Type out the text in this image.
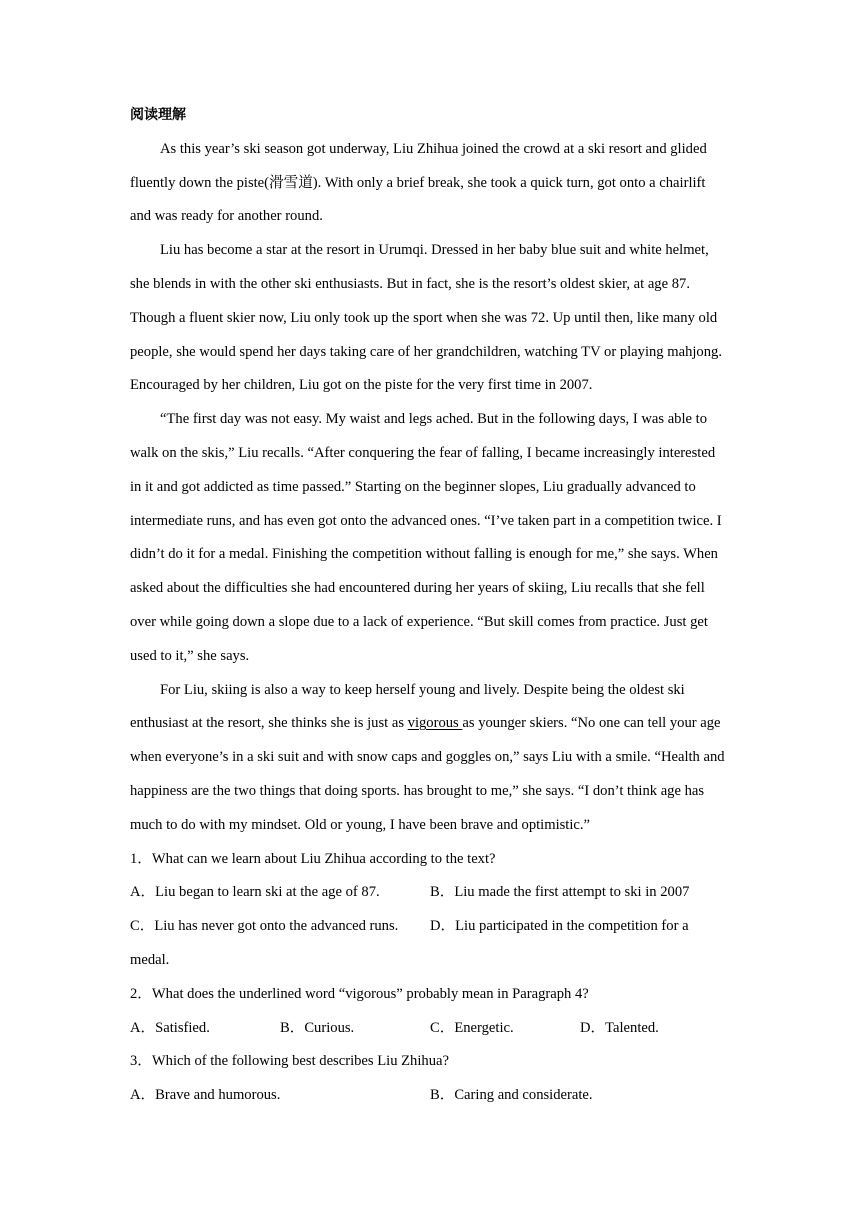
阅读理解

As this year’s ski season got underway, Liu Zhihua joined the crowd at a ski resort and glided fluently down the piste(滑雪道). With only a brief break, she took a quick turn, got onto a chairlift and was ready for another round.

Liu has become a star at the resort in Urumqi. Dressed in her baby blue suit and white helmet, she blends in with the other ski enthusiasts. But in fact, she is the resort’s oldest skier, at age 87. Though a fluent skier now, Liu only took up the sport when she was 72. Up until then, like many old people, she would spend her days taking care of her grandchildren, watching TV or playing mahjong. Encouraged by her children, Liu got on the piste for the very first time in 2007.

“The first day was not easy. My waist and legs ached. But in the following days, I was able to walk on the skis,” Liu recalls. “After conquering the fear of falling, I became increasingly interested in it and got addicted as time passed.” Starting on the beginner slopes, Liu gradually advanced to intermediate runs, and has even got onto the advanced ones. “I’ve taken part in a competition twice. I didn’t do it for a medal. Finishing the competition without falling is enough for me,” she says. When asked about the difficulties she had encountered during her years of skiing, Liu recalls that she fell over while going down a slope due to a lack of experience. “But skill comes from practice. Just get used to it,” she says.

For Liu, skiing is also a way to keep herself young and lively. Despite being the oldest ski enthusiast at the resort, she thinks she is just as vigorous as younger skiers. “No one can tell your age when everyone’s in a ski suit and with snow caps and goggles on,” says Liu with a smile. “Health and happiness are the two things that doing sports. has brought to me,” she says. “I don’t think age has much to do with my mindset. Old or young, I have been brave and optimistic.”

1．What can we learn about Liu Zhihua according to the text?
A．Liu began to learn ski at the age of 87.	B．Liu made the first attempt to ski in 2007
C．Liu has never got onto the advanced runs. D．Liu participated in the competition for a medal.
2．What does the underlined word “vigorous” probably mean in Paragraph 4?
A．Satisfied.	B．Curious.	C．Energetic.	D．Talented.
3．Which of the following best describes Liu Zhihua?
A．Brave and humorous.	B．Caring and considerate.
